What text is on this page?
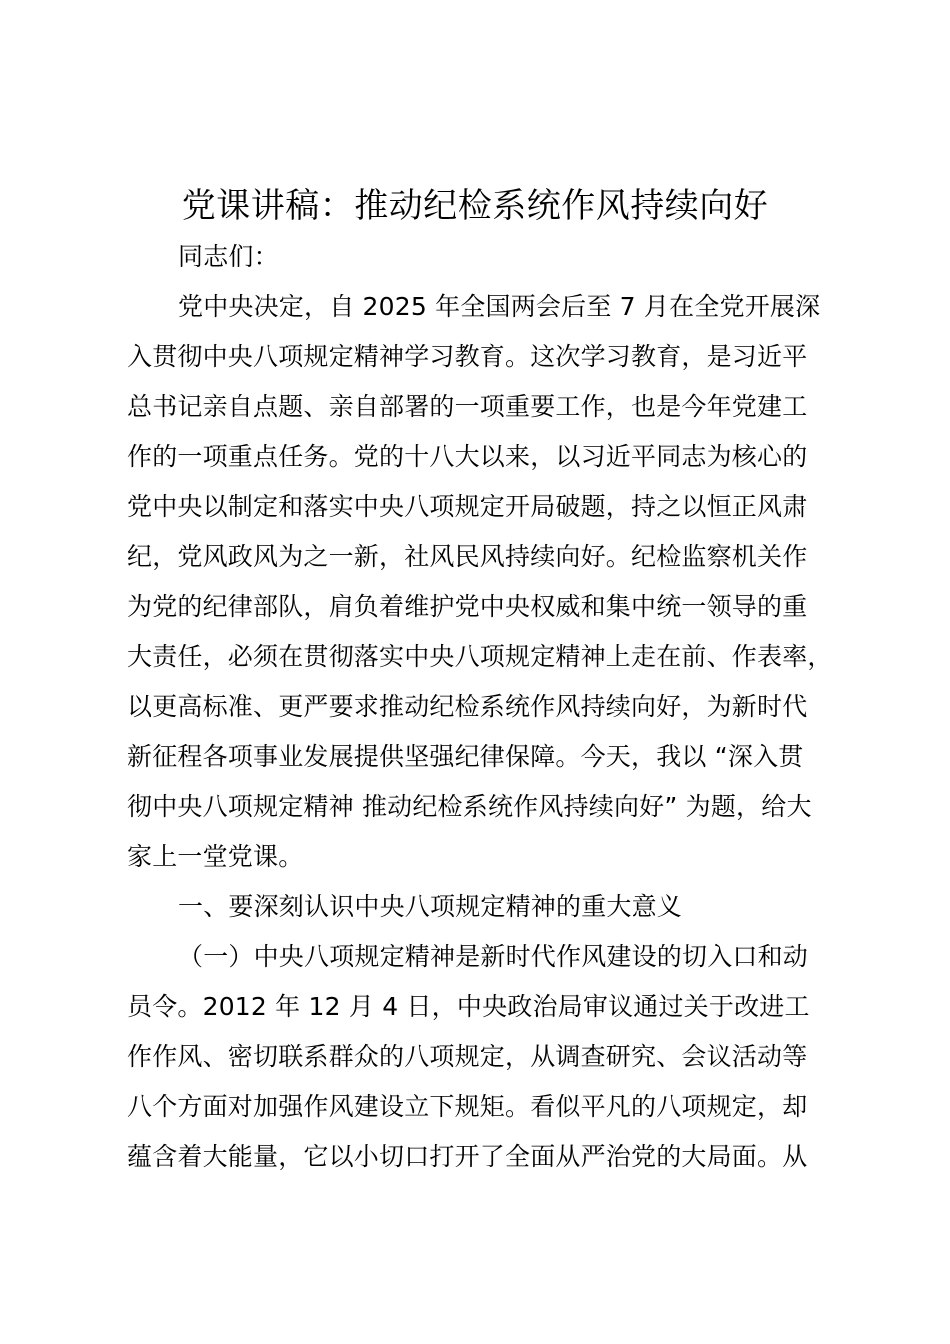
党课讲稿：推动纪检系统作风持续向好
同志们：
党中央决定，自 2025 年全国两会后至 7 月在全党开展深
入贯彻中央八项规定精神学习教育。这次学习教育，是习近平
总书记亲自点题、亲自部署的一项重要工作，也是今年党建工
作的一项重点任务。党的十八大以来，以习近平同志为核心的
党中央以制定和落实中央八项规定开局破题，持之以恒正风肃
纪，党风政风为之一新，社风民风持续向好。纪检监察机关作
为党的纪律部队，肩负着维护党中央权威和集中统一领导的重
大责任，必须在贯彻落实中央八项规定精神上走在前、作表率，
以更高标准、更严要求推动纪检系统作风持续向好，为新时代
新征程各项事业发展提供坚强纪律保障。今天，我以 “深入贯
彻中央八项规定精神 推动纪检系统作风持续向好” 为题，给大
家上一堂党课。
一、要深刻认识中央八项规定精神的重大意义
（一）中央八项规定精神是新时代作风建设的切入口和动
员令。2012 年 12 月 4 日，中央政治局审议通过关于改进工
作作风、密切联系群众的八项规定，从调查研究、会议活动等
八个方面对加强作风建设立下规矩。看似平凡的八项规定，却
蕴含着大能量，它以小切口打开了全面从严治党的大局面。从
